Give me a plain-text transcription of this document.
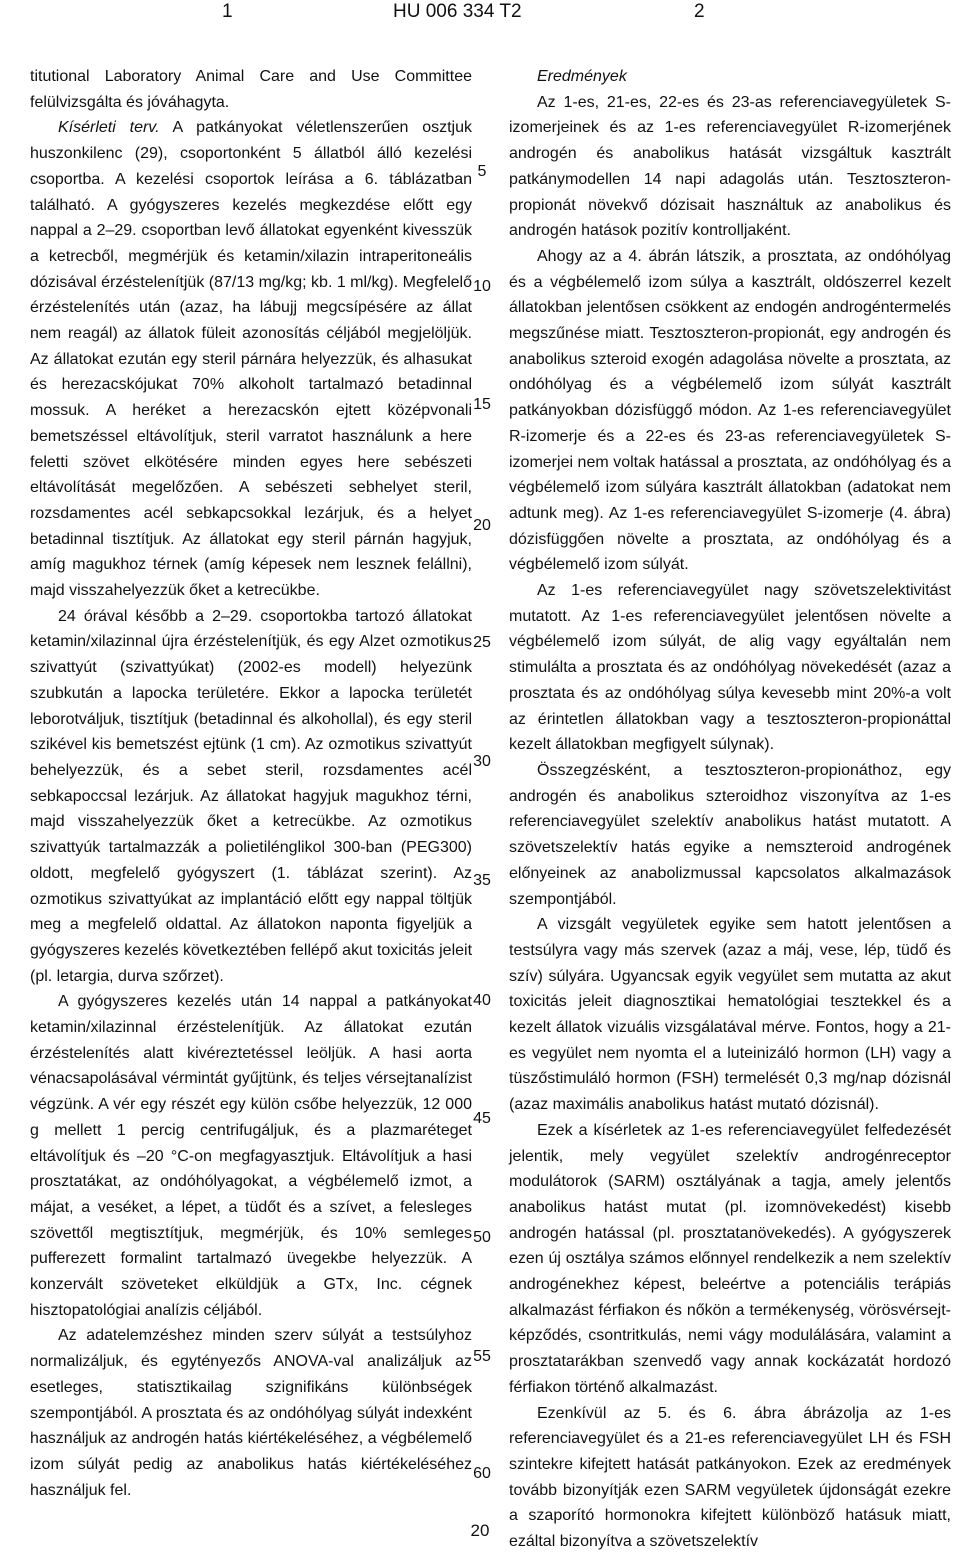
1	HU 006 334 T2	2

titutional Laboratory Animal Care and Use Committee felülvizsgálta és jóváhagyta.

Kísérleti terv. A patkányokat véletlenszerűen osztjuk huszonkilenc (29), csoportonként 5 állatból álló kezelési csoportba. A kezelési csoportok leírása a 6. táblázatban található. A gyógyszeres kezelés megkezdése előtt egy nappal a 2–29. csoportban levő állatokat egyenként kivesszük a ketrecből, megmérjük és ketamin/xilazin intraperitoneális dózisával érzéstelenítjük (87/13 mg/kg; kb. 1 ml/kg). Megfelelő érzéstelenítés után (azaz, ha lábujj megcsípésére az állat nem reagál) az állatok füleit azonosítás céljából megjelöljük. Az állatokat ezután egy steril párnára helyezzük, és alhasukat és herezacskójukat 70% alkoholt tartalmazó betadinnal mossuk. A heréket a herezacskón ejtett középvonali bemetszéssel eltávolítjuk, steril varratot használunk a here feletti szövet elkötésére minden egyes here sebészeti eltávolítását megelőzően. A sebészeti sebhelyet steril, rozsdamentes acél sebkapcsokkal lezárjuk, és a helyet betadinnal tisztítjuk. Az állatokat egy steril párnán hagyjuk, amíg magukhoz térnek (amíg képesek nem lesznek felállni), majd visszahelyezzük őket a ketrecükbe.

24 órával később a 2–29. csoportokba tartozó állatokat ketamin/xilazinnal újra érzéstelenítjük, és egy Alzet ozmotikus szivattyút (szivattyúkat) (2002-es modell) helyezünk szubkután a lapocka területére. Ekkor a lapocka területét leborotváljuk, tisztítjuk (betadinnal és alkohollal), és egy steril szikével kis bemetszést ejtünk (1 cm). Az ozmotikus szivattyút behelyezzük, és a sebet steril, rozsdamentes acél sebkapoccsal lezárjuk. Az állatokat hagyjuk magukhoz térni, majd visszahelyezzük őket a ketrecükbe. Az ozmotikus szivattyúk tartalmazzák a polietilénglikol 300-ban (PEG300) oldott, megfelelő gyógyszert (1. táblázat szerint). Az ozmotikus szivattyúkat az implantáció előtt egy nappal töltjük meg a megfelelő oldattal. Az állatokon naponta figyeljük a gyógyszeres kezelés következtében fellépő akut toxicitás jeleit (pl. letargia, durva szőrzet).

A gyógyszeres kezelés után 14 nappal a patkányokat ketamin/xilazinnal érzéstelenítjük. Az állatokat ezután érzéstelenítés alatt kivéreztetéssel leöljük. A hasi aorta vénacsapolásával vérmintát gyűjtünk, és teljes vérsejtanalízist végzünk. A vér egy részét egy külön csőbe helyezzük, 12 000 g mellett 1 percig centrifugáljuk, és a plazmaréteget eltávolítjuk és –20 °C-on megfagyasztjuk. Eltávolítjuk a hasi prosztatákat, az ondóhólyagokat, a végbélemelő izmot, a májat, a veséket, a lépet, a tüdőt és a szívet, a felesleges szövettől megtisztítjuk, megmérjük, és 10% semleges pufferezett formalint tartalmazó üvegekbe helyezzük. A konzervált szöveteket elküldjük a GTx, Inc. cégnek hisztopatológiai analízis céljából.

Az adatelemzéshez minden szerv súlyát a testsúlyhoz normalizáljuk, és egytényezős ANOVA-val analizáljuk az esetleges, statisztikailag szignifikáns különbségek szempontjából. A prosztata és az ondóhólyag súlyát indexként használjuk az androgén hatás kiértékeléséhez, a végbélemelő izom súlyát pedig az anabolikus hatás kiértékeléséhez használjuk fel.

5
10
15
20
25
30
35
40
45
50
55
60

Eredmények

Az 1-es, 21-es, 22-es és 23-as referenciavegyületek S-izomerjeinek és az 1-es referenciavegyület R-izomerjének androgén és anabolikus hatását vizsgáltuk kasztrált patkánymodellen 14 napi adagolás után. Tesztoszteron-propionát növekvő dózisait használtuk az anabolikus és androgén hatások pozitív kontrolljaként.

Ahogy az a 4. ábrán látszik, a prosztata, az ondóhólyag és a végbélemelő izom súlya a kasztrált, oldószerrel kezelt állatokban jelentősen csökkent az endogén androgéntermelés megszűnése miatt. Tesztoszteron-propionát, egy androgén és anabolikus szteroid exogén adagolása növelte a prosztata, az ondóhólyag és a végbélemelő izom súlyát kasztrált patkányokban dózisfüggő módon. Az 1-es referenciavegyület R-izomerje és a 22-es és 23-as referenciavegyületek S-izomerjei nem voltak hatással a prosztata, az ondóhólyag és a végbélemelő izom súlyára kasztrált állatokban (adatokat nem adtunk meg). Az 1-es referenciavegyület S-izomerje (4. ábra) dózisfüggően növelte a prosztata, az ondóhólyag és a végbélemelő izom súlyát.

Az 1-es referenciavegyület nagy szövetszelektivitást mutatott. Az 1-es referenciavegyület jelentősen növelte a végbélemelő izom súlyát, de alig vagy egyáltalán nem stimulálta a prosztata és az ondóhólyag növekedését (azaz a prosztata és az ondóhólyag súlya kevesebb mint 20%-a volt az érintetlen állatokban vagy a tesztoszteron-propionáttal kezelt állatokban megfigyelt súlynak).

Összegzésként, a tesztoszteron-propionáthoz, egy androgén és anabolikus szteroidhoz viszonyítva az 1-es referenciavegyület szelektív anabolikus hatást mutatott. A szövetszelektív hatás egyike a nemszteroid androgének előnyeinek az anabolizmussal kapcsolatos alkalmazások szempontjából.

A vizsgált vegyületek egyike sem hatott jelentősen a testsúlyra vagy más szervek (azaz a máj, vese, lép, tüdő és szív) súlyára. Ugyancsak egyik vegyület sem mutatta az akut toxicitás jeleit diagnosztikai hematológiai tesztekkel és a kezelt állatok vizuális vizsgálatával mérve. Fontos, hogy a 21-es vegyület nem nyomta el a luteinizáló hormon (LH) vagy a tüszőstimuláló hormon (FSH) termelését 0,3 mg/nap dózisnál (azaz maximális anabolikus hatást mutató dózisnál).

Ezek a kísérletek az 1-es referenciavegyület felfedezését jelentik, mely vegyület szelektív androgénreceptor modulátorok (SARM) osztályának a tagja, amely jelentős anabolikus hatást mutat (pl. izomnövekedést) kisebb androgén hatással (pl. prosztatanövekedés). A gyógyszerek ezen új osztálya számos előnnyel rendelkezik a nem szelektív androgénekhez képest, beleértve a potenciális terápiás alkalmazást férfiakon és nőkön a termékenység, vörösvérsejt-képződés, csontritkulás, nemi vágy modulálására, valamint a prosztatarákban szenvedő vagy annak kockázatát hordozó férfiakon történő alkalmazást.

Ezenkívül az 5. és 6. ábra ábrázolja az 1-es referenciavegyület és a 21-es referenciavegyület LH és FSH szintekre kifejtett hatását patkányokon. Ezek az eredmények tovább bizonyítják ezen SARM vegyületek újdonságát ezekre a szaporító hormonokra kifejtett különböző hatásuk miatt, ezáltal bizonyítva a szövetszelektív

20
